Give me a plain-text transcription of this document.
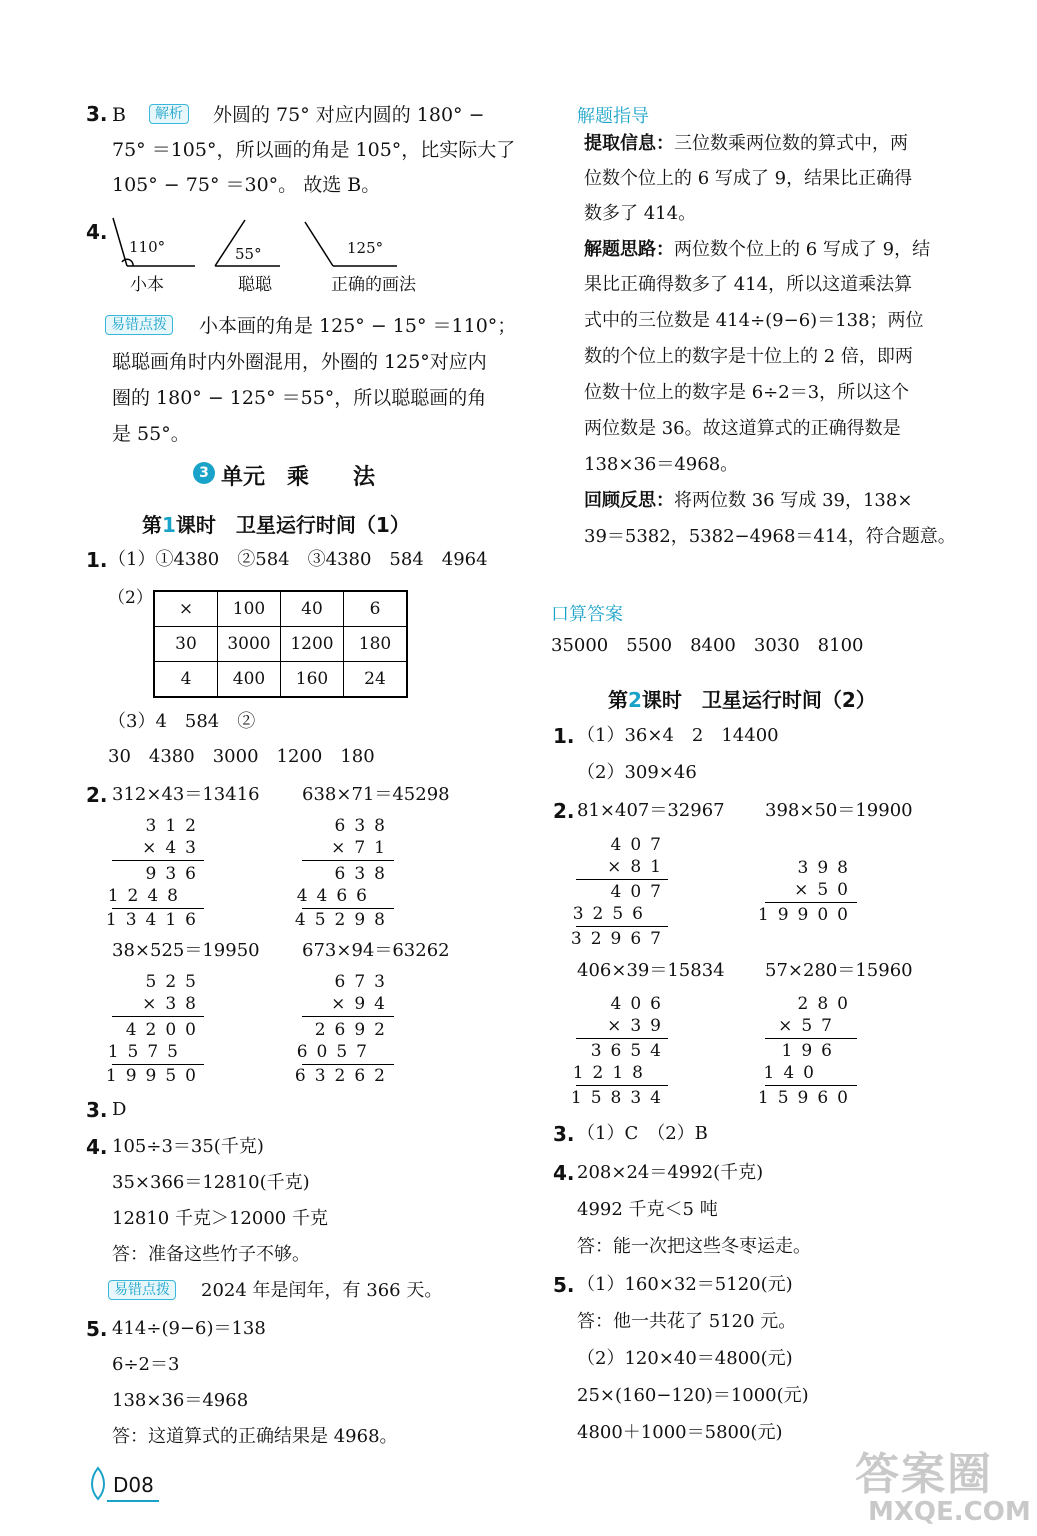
3. B	解析	外圆的 75° 对应内圆的 180° −
75° ＝105°，所以画的角是 105°，比实际大了
105° − 75° ＝30°。 故选 B。
4.
110°	55°	125°
小本	聪聪	正确的画法
易错点拨	小本画的角是 125° − 15° ＝110°；
聪聪画角时内外圈混用，外圈的 125°对应内
圈的 180° − 125° ＝55°，所以聪聪画的角
是 55°。
3 单元　乘　　法
第1课时　卫星运行时间（1）
1. （1）①4380　②584　③4380　584　4964
（2）
×	100	40	6
30	3000	1200	180
4	400	160	24
（3）4　584　②
30　4380　3000　1200　180
2. 312×43＝13416 638×71＝45298
312
×43
936
1248
13416
638
×71
638
4466
45298
38×525＝19950 673×94＝63262
525
×38
4200
1575
19950
673
×94
2692
6057
63262
3. D
4. 105÷3＝35(千克)
35×366＝12810(千克)
12810 千克＞12000 千克
答：准备这些竹子不够。
易错点拨	2024 年是闰年，有 366 天。
5. 414÷(9−6)＝138
6÷2＝3
138×36＝4968
答：这道算式的正确结果是 4968。
D08
解题指导
提取信息：三位数乘两位数的算式中，两
位数个位上的 6 写成了 9，结果比正确得
数多了 414。
解题思路：两位数个位上的 6 写成了 9，结
果比正确得数多了 414，所以这道乘法算
式中的三位数是 414÷(9−6)＝138；两位
数的个位上的数字是十位上的 2 倍，即两
位数十位上的数字是 6÷2＝3，所以这个
两位数是 36。故这道算式的正确得数是
138×36＝4968。
回顾反思：将两位数 36 写成 39，138×
39＝5382，5382−4968＝414，符合题意。
口算答案
35000　5500　8400　3030　8100
第2课时　卫星运行时间（2）
1. （1）36×4　2　14400
（2）309×46
2. 81×407＝32967 398×50＝19900
407
×81
407
3256
32967
398
×50
19900
406×39＝15834 57×280＝15960
406
×39
3654
1218
15834
280
×57
196
140
15960
3. （1）C　（2）B
4. 208×24＝4992(千克)
4992 千克＜5 吨
答：能一次把这些冬枣运走。
5. （1）160×32＝5120(元)
答：他一共花了 5120 元。
（2）120×40＝4800(元)
25×(160−120)＝1000(元)
4800＋1000＝5800(元)
答案圈
MXQE.COM
